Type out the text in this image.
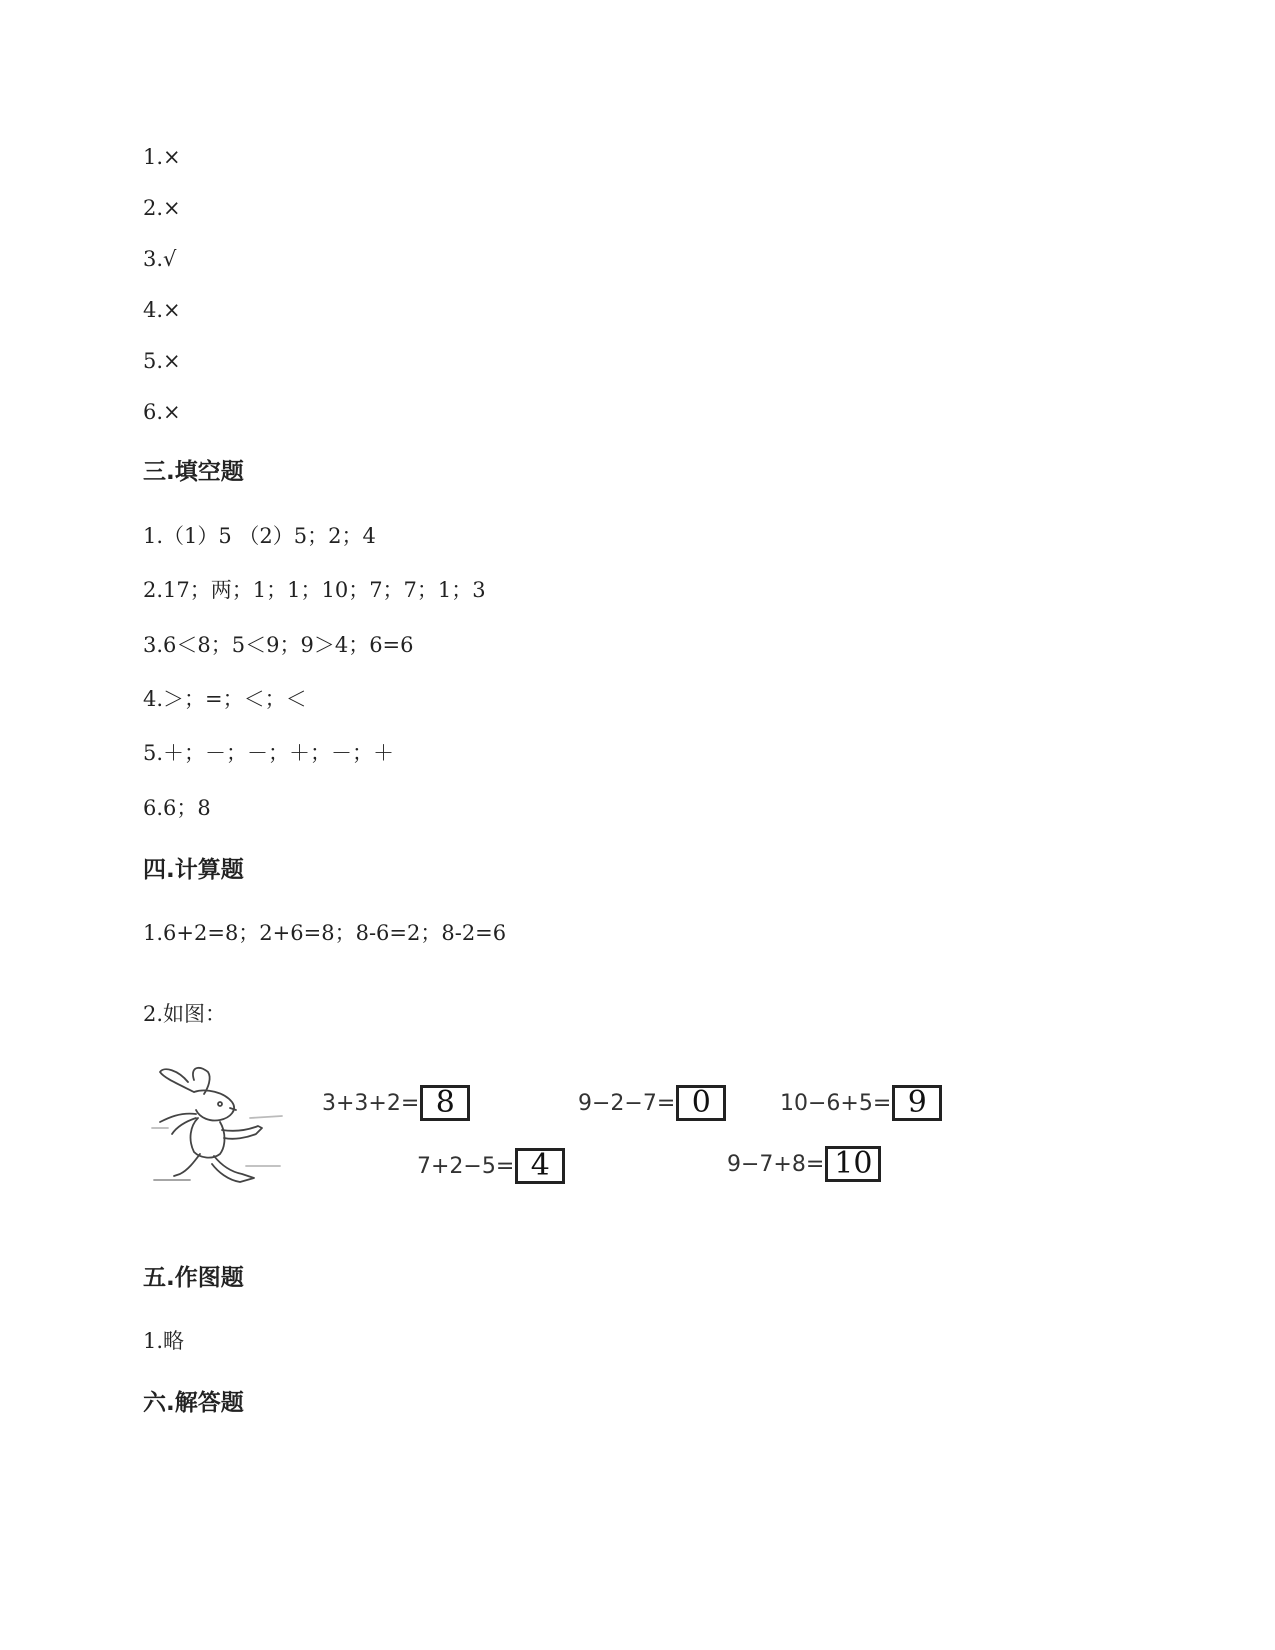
1.×
2.×
3.√
4.×
5.×
6.×
三.填空题
1.（1）5 （2）5；2；4
2.17；两；1；1；10；7；7；1；3
3.6＜8；5＜9；9＞4；6=6
4.＞；=；＜；＜
5.＋；－；－；＋；－；＋
6.6；8
四.计算题
1.6+2=8；2+6=8；8-6=2；8-2=6
2.如图：
3+3+2= 8	9−2−7= 0	10−6+5= 9
7+2−5= 4	9−7+8= 10
五.作图题
1.略
六.解答题
